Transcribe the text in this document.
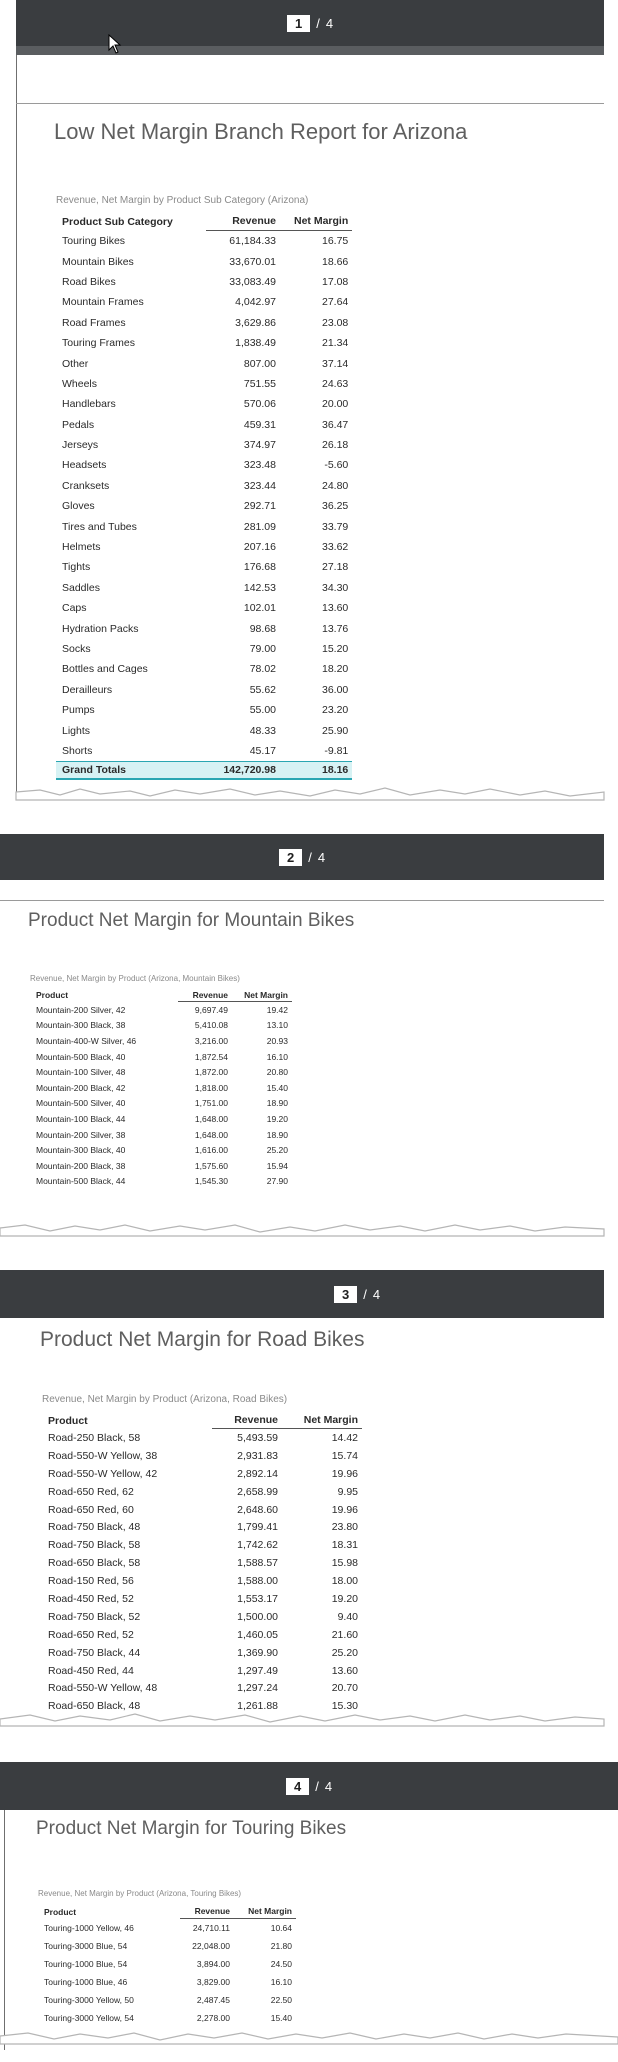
1	/ 4
Low Net Margin Branch Report for Arizona
Revenue, Net Margin by Product Sub Category (Arizona)
Product Sub Category	Revenue	Net Margin
Touring Bikes	61,184.33	16.75
Mountain Bikes	33,670.01	18.66
Road Bikes	33,083.49	17.08
Mountain Frames	4,042.97	27.64
Road Frames	3,629.86	23.08
Touring Frames	1,838.49	21.34
Other	807.00	37.14
Wheels	751.55	24.63
Handlebars	570.06	20.00
Pedals	459.31	36.47
Jerseys	374.97	26.18
Headsets	323.48	-5.60
Cranksets	323.44	24.80
Gloves	292.71	36.25
Tires and Tubes	281.09	33.79
Helmets	207.16	33.62
Tights	176.68	27.18
Saddles	142.53	34.30
Caps	102.01	13.60
Hydration Packs	98.68	13.76
Socks	79.00	15.20
Bottles and Cages	78.02	18.20
Derailleurs	55.62	36.00
Pumps	55.00	23.20
Lights	48.33	25.90
Shorts	45.17	-9.81
Grand Totals	142,720.98	18.16
2	/ 4
Product Net Margin for Mountain Bikes
Revenue, Net Margin by Product (Arizona, Mountain Bikes)
Product	Revenue	Net Margin
Mountain-200 Silver, 42	9,697.49	19.42
Mountain-300 Black, 38	5,410.08	13.10
Mountain-400-W Silver, 46	3,216.00	20.93
Mountain-500 Black, 40	1,872.54	16.10
Mountain-100 Silver, 48	1,872.00	20.80
Mountain-200 Black, 42	1,818.00	15.40
Mountain-500 Silver, 40	1,751.00	18.90
Mountain-100 Black, 44	1,648.00	19.20
Mountain-200 Silver, 38	1,648.00	18.90
Mountain-300 Black, 40	1,616.00	25.20
Mountain-200 Black, 38	1,575.60	15.94
Mountain-500 Black, 44	1,545.30	27.90
3	/ 4
Product Net Margin for Road Bikes
Revenue, Net Margin by Product (Arizona, Road Bikes)
Product	Revenue	Net Margin
Road-250 Black, 58	5,493.59	14.42
Road-550-W Yellow, 38	2,931.83	15.74
Road-550-W Yellow, 42	2,892.14	19.96
Road-650 Red, 62	2,658.99	9.95
Road-650 Red, 60	2,648.60	19.96
Road-750 Black, 48	1,799.41	23.80
Road-750 Black, 58	1,742.62	18.31
Road-650 Black, 58	1,588.57	15.98
Road-150 Red, 56	1,588.00	18.00
Road-450 Red, 52	1,553.17	19.20
Road-750 Black, 52	1,500.00	9.40
Road-650 Red, 52	1,460.05	21.60
Road-750 Black, 44	1,369.90	25.20
Road-450 Red, 44	1,297.49	13.60
Road-550-W Yellow, 48	1,297.24	20.70
Road-650 Black, 48	1,261.88	15.30
4	/ 4
Product Net Margin for Touring Bikes
Revenue, Net Margin by Product (Arizona, Touring Bikes)
Product	Revenue	Net Margin
Touring-1000 Yellow, 46	24,710.11	10.64
Touring-3000 Blue, 54	22,048.00	21.80
Touring-1000 Blue, 54	3,894.00	24.50
Touring-1000 Blue, 46	3,829.00	16.10
Touring-3000 Yellow, 50	2,487.45	22.50
Touring-3000 Yellow, 54	2,278.00	15.40
